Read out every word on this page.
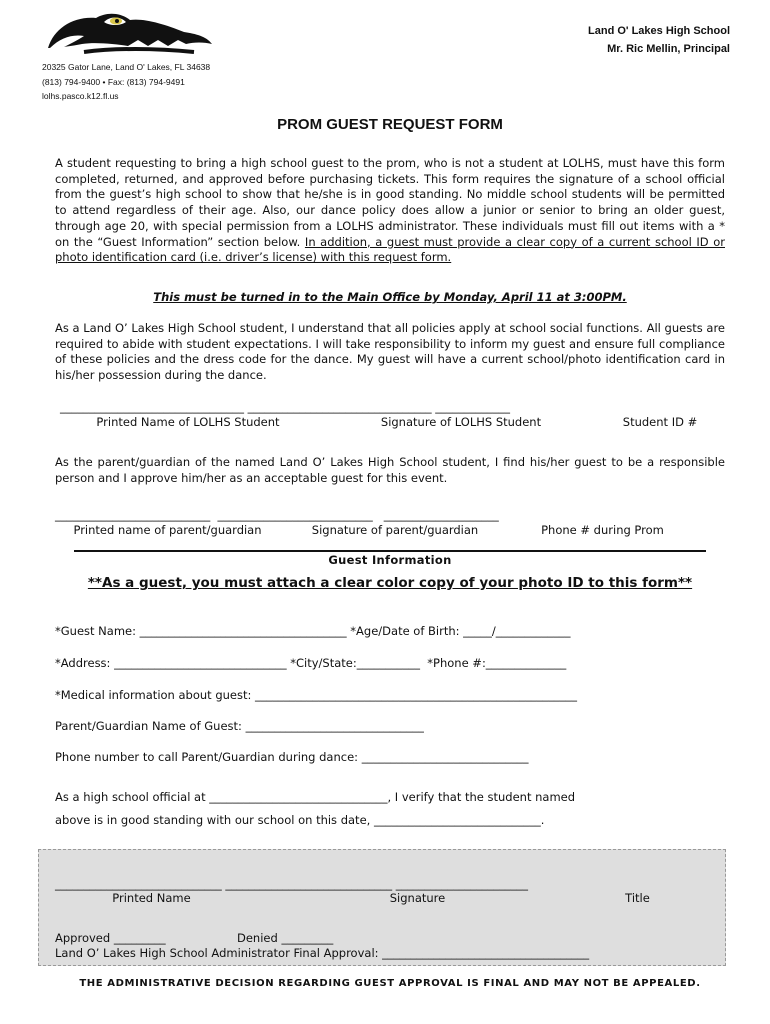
Land O' Lakes High School
Mr. Ric Mellin, Principal
20325 Gator Lane, Land O' Lakes, FL 34638
(813) 794-9400 • Fax: (813) 794-9491
lolhs.pasco.k12.fl.us
PROM GUEST REQUEST FORM
A student requesting to bring a high school guest to the prom, who is not a student at LOLHS, must have this form completed, returned, and approved before purchasing tickets. This form requires the signature of a school official from the guest’s high school to show that he/she is in good standing. No middle school students will be permitted to attend regardless of their age. Also, our dance policy does allow a junior or senior to bring an older guest, through age 20, with special permission from a LOLHS administrator. These individuals must fill out items with a * on the “Guest Information” section below. In addition, a guest must provide a clear copy of a current school ID or photo identification card (i.e. driver’s license) with this request form.
This must be turned in to the Main Office by Monday, April 11 at 3:00PM.
As a Land O’ Lakes High School student, I understand that all policies apply at school social functions. All guests are required to abide with student expectations. I will take responsibility to inform my guest and ensure full compliance of these policies and the dress code for the dance. My guest will have a current school/photo identification card in his/her possession during the dance.
________________________________ ________________________________ _____________
Printed Name of LOLHS Student	Signature of LOLHS Student	Student ID #
As the parent/guardian of the named Land O’ Lakes High School student, I find his/her guest to be a responsible person and I approve him/her as an acceptable guest for this event.
___________________________  ___________________________   ____________________
Printed name of parent/guardian	Signature of parent/guardian	Phone # during Prom
Guest Information
**As a guest, you must attach a clear color copy of your photo ID to this form**
*Guest Name: ____________________________________ *Age/Date of Birth: _____/_____________
*Address: ______________________________ *City/State:___________  *Phone #:______________
*Medical information about guest: ________________________________________________________
Parent/Guardian Name of Guest: _______________________________
Phone number to call Parent/Guardian during dance: _____________________________
As a high school official at _______________________________, I verify that the student named
above is in good standing with our school on this date, _____________________________.
_____________________________ _____________________________ _______________________
Printed Name	Signature	Title
Approved _________	Denied _________
Land O’ Lakes High School Administrator Final Approval: ____________________________________
THE ADMINISTRATIVE DECISION REGARDING GUEST APPROVAL IS FINAL AND MAY NOT BE APPEALED.
